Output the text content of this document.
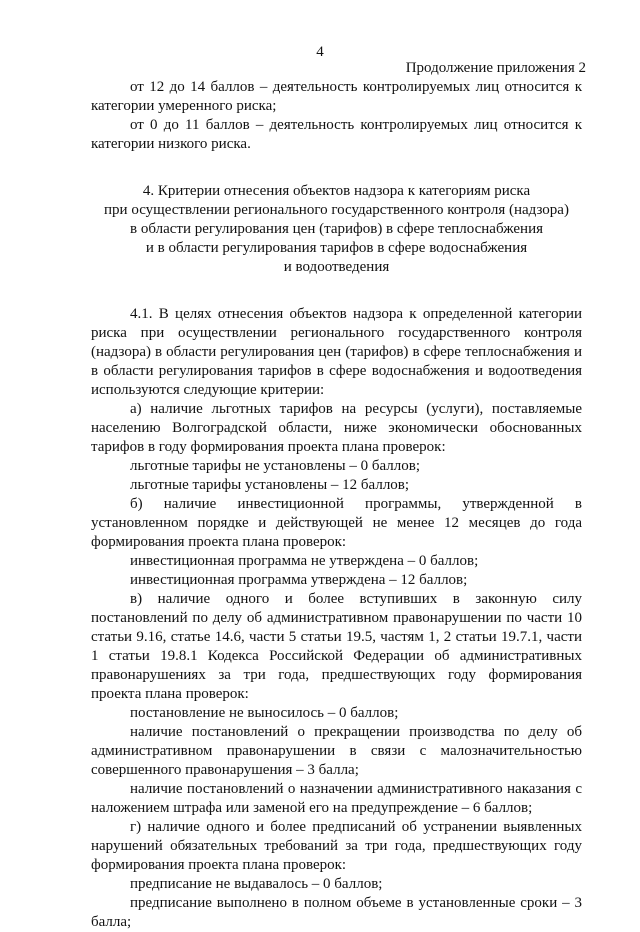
4
Продолжение приложения 2

от 12 до 14 баллов – деятельность контролируемых лиц относится к категории умеренного риска;

от 0 до 11 баллов – деятельность контролируемых лиц относится к категории низкого риска.

4. Критерии отнесения объектов надзора к категориям риска
при осуществлении регионального государственного контроля (надзора)
в области регулирования цен (тарифов) в сфере теплоснабжения
и в области регулирования тарифов в сфере водоснабжения
и водоотведения

4.1. В целях отнесения объектов надзора к определенной категории риска при осуществлении регионального государственного контроля (надзора) в области регулирования цен (тарифов) в сфере теплоснабжения и в области регулирования тарифов в сфере водоснабжения и водоотведения используются следующие критерии:

а) наличие льготных тарифов на ресурсы (услуги), поставляемые населению Волгоградской области, ниже экономически обоснованных тарифов в году формирования проекта плана проверок:

льготные тарифы не установлены – 0 баллов;

льготные тарифы установлены – 12 баллов;

б) наличие инвестиционной программы, утвержденной в установленном порядке и действующей не менее 12 месяцев до года формирования проекта плана проверок:

инвестиционная программа не утверждена – 0 баллов;

инвестиционная программа утверждена – 12 баллов;

в) наличие одного и более вступивших в законную силу постановлений по делу об административном правонарушении по части 10 статьи 9.16, статье 14.6, части 5 статьи 19.5, частям 1, 2 статьи 19.7.1, части 1 статьи 19.8.1 Кодекса Российской Федерации об административных правонарушениях за три года, предшествующих году формирования проекта плана проверок:

постановление не выносилось – 0 баллов;

наличие постановлений о прекращении производства по делу об административном правонарушении в связи с малозначительностью совершенного правонарушения – 3 балла;

наличие постановлений о назначении административного наказания с наложением штрафа или заменой его на предупреждение – 6 баллов;

г) наличие одного и более предписаний об устранении выявленных нарушений обязательных требований за три года, предшествующих году формирования проекта плана проверок:

предписание не выдавалось – 0 баллов;

предписание выполнено в полном объеме в установленные сроки – 3 балла;
